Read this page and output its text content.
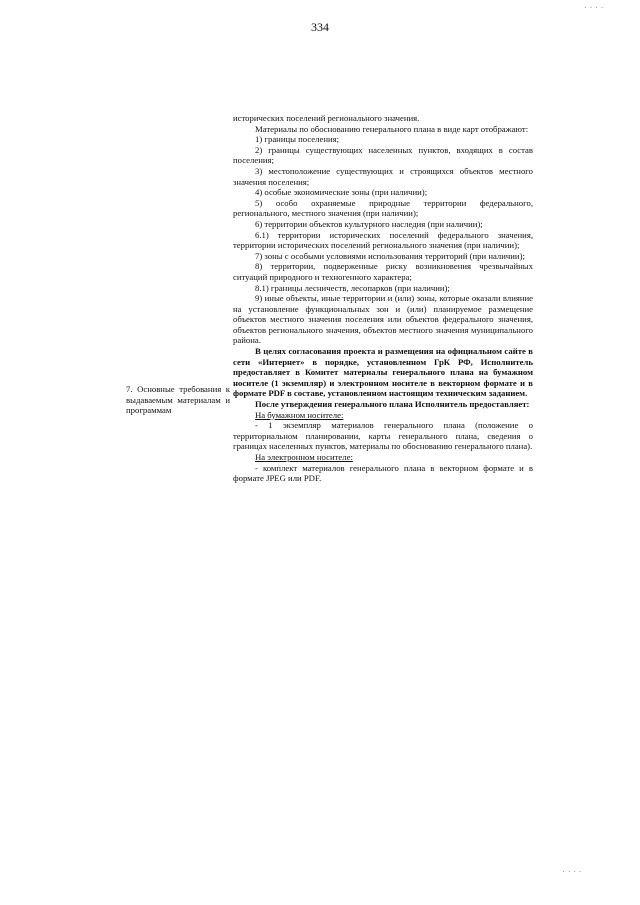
. . . .
334
7. Основные требования к выдаваемым материалам и программам

исторических поселений регионального значения.

Материалы по обоснованию генерального плана в виде карт отображают:

1) границы поселения;

2) границы существующих населенных пунктов, входящих в состав поселения;

3) местоположение существующих и строящихся объектов местного значения поселения;

4) особые экономические зоны (при наличии);

5) особо охраняемые природные территории федерального, регионального, местного значения (при наличии);

6) территории объектов культурного наследия (при наличии);

6.1) территории исторических поселений федерального значения, территории исторических поселений регионального значения (при наличии);

7) зоны с особыми условиями использования территорий (при наличии);

8) территории, подверженные риску возникновения чрезвычайных ситуаций природного и техногенного характера;

8.1) границы лесничеств, лесопарков (при наличии);

9) иные объекты, иные территории и (или) зоны, которые оказали влияние на установление функциональных зон и (или) планируемое размещение объектов местного значения поселения или объектов федерального значения, объектов регионального значения, объектов местного значения муниципального района.

В целях согласования проекта и размещения на официальном сайте в сети «Интернет» в порядке, установленном ГрК РФ, Исполнитель предоставляет в Комитет материалы генерального плана на бумажном носителе (1 экземпляр) и электронном носителе в векторном формате и в формате PDF в составе, установленном настоящим техническим заданием.

После утверждения генерального плана Исполнитель предоставляет:

На бумажном носителе:

- 1 экземпляр материалов генерального плана (положение о территориальном планировании, карты генерального плана, сведения о границах населенных пунктов, материалы по обоснованию генерального плана).

На электронном носителе:

- комплект материалов генерального плана в векторном формате и в формате JPEG или PDF.

. . . .
